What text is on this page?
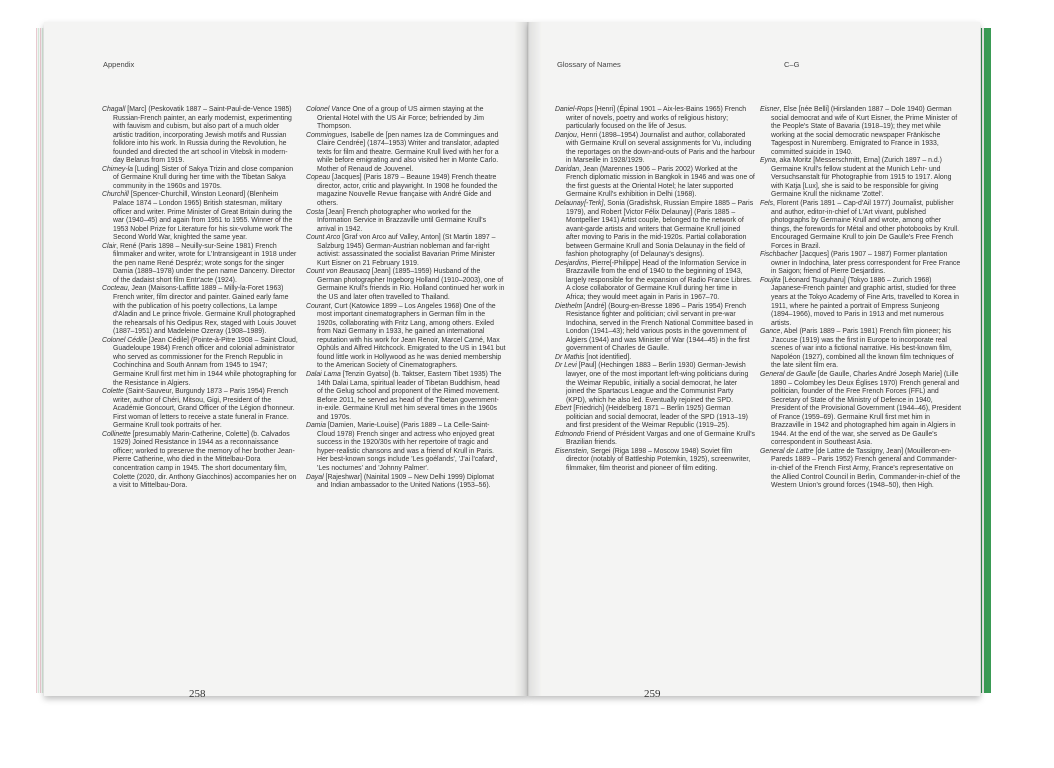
Appendix
Chagall [Marc] (Peskovatik 1887 – Saint-Paul-de-Vence 1985) Russian-French painter, an early modernist, experimenting with fauvism and cubism, but also part of a much older artistic tradition, incorporating Jewish motifs and Russian folklore into his work. In Russia during the Revolution, he founded and directed the art school in Vitebsk in modern-day Belarus from 1919.
Chimey-la [Luding] Sister of Sakya Trizin and close companion of Germaine Krull during her time with the Tibetan Sakya community in the 1960s and 1970s.
Churchill [Spencer-Churchill, Winston Leonard] (Blenheim Palace 1874 – London 1965) British statesman, military officer and writer. Prime Minister of Great Britain during the war (1940–45) and again from 1951 to 1955. Winner of the 1953 Nobel Prize for Literature for his six-volume work The Second World War, knighted the same year.
Clair, René (Paris 1898 – Neuilly-sur-Seine 1981) French filmmaker and writer, wrote for L'Intransigeant in 1918 under the pen name René Despréz; wrote songs for the singer Damia (1889–1978) under the pen name Dancerry. Director of the dadaist short film Entr'acte (1924).
Cocteau, Jean (Maisons-Laffitte 1889 – Milly-la-Foret 1963) French writer, film director and painter. Gained early fame with the publication of his poetry collections, La lampe d'Aladin and Le prince frivole. Germaine Krull photographed the rehearsals of his Oedipus Rex, staged with Louis Jouvet (1887–1951) and Madeleine Ozeray (1908–1989).
Colonel Cédile [Jean Cédile] (Pointe-à-Pitre 1908 – Saint Cloud, Guadeloupe 1984) French officer and colonial administrator who served as commissioner for the French Republic in Cochinchina and South Annam from 1945 to 1947; Germaine Krull first met him in 1944 while photographing for the Resistance in Algiers.
Colette (Saint-Sauveur, Burgundy 1873 – Paris 1954) French writer, author of Chéri, Mitsou, Gigi, President of the Académie Goncourt, Grand Officer of the Légion d'honneur. First woman of letters to receive a state funeral in France. Germaine Krull took portraits of her.
Collinette [presumably Marin-Catherine, Colette] (b. Calvados 1929) Joined Resistance in 1944 as a reconnaissance officer; worked to preserve the memory of her brother Jean-Pierre Catherine, who died in the Mittelbau-Dora concentration camp in 1945. The short documentary film, Colette (2020, dir. Anthony Giacchinos) accompanies her on a visit to Mittelbau-Dora.
Colonel Vance One of a group of US airmen staying at the Oriental Hotel with the US Air Force; befriended by Jim Thompson.
Commingues, Isabelle de [pen names Iza de Commingues and Claire Cendrée] (1874–1953) Writer and translator, adapted texts for film and theatre. Germaine Krull lived with her for a while before emigrating and also visited her in Monte Carlo. Mother of Renaud de Jouvenel.
Copeau [Jacques] (Paris 1879 – Beaune 1949) French theatre director, actor, critic and playwright. In 1908 he founded the magazine Nouvelle Revue française with André Gide and others.
Costa [Jean] French photographer who worked for the Information Service in Brazzaville until Germaine Krull's arrival in 1942.
Count Arco [Graf von Arco auf Valley, Anton] (St Martin 1897 – Salzburg 1945) German-Austrian nobleman and far-right activist: assassinated the socialist Bavarian Prime Minister Kurt Eisner on 21 February 1919.
Count von Beausacq [Jean] (1895–1959) Husband of the German photographer Ingeborg Holland (1910–2003), one of Germaine Krull's friends in Rio. Holland continued her work in the US and later often travelled to Thailand.
Courant, Curt (Katowice 1899 – Los Angeles 1968) One of the most important cinematographers in German film in the 1920s, collaborating with Fritz Lang, among others. Exiled from Nazi Germany in 1933, he gained an international reputation with his work for Jean Renoir, Marcel Carné, Max Ophüls and Alfred Hitchcock. Emigrated to the US in 1941 but found little work in Hollywood as he was denied membership to the American Society of Cinematographers.
Dalai Lama [Tenzin Gyatso] (b. Taktser, Eastern Tibet 1935) The 14th Dalai Lama, spiritual leader of Tibetan Buddhism, head of the Gelug school and proponent of the Rimed movement. Before 2011, he served as head of the Tibetan government-in-exile. Germaine Krull met him several times in the 1960s and 1970s.
Damia [Damien, Marie-Louise] (Paris 1889 – La Celle-Saint-Cloud 1978) French singer and actress who enjoyed great success in the 1920/30s with her repertoire of tragic and hyper-realistic chansons and was a friend of Krull in Paris. Her best-known songs include 'Les goélands', 'J'ai l'cafard', 'Les nocturnes' and 'Johnny Palmer'.
Dayal [Rajeshwar] (Nainital 1909 – New Delhi 1999) Diplomat and Indian ambassador to the United Nations (1953–56).
258
Glossary of Names	C–G
Daniel-Rops [Henri] (Épinal 1901 – Aix-les-Bains 1965) French writer of novels, poetry and works of religious history; particularly focused on the life of Jesus.
Danjou, Henri (1898–1954) Journalist and author, collaborated with Germaine Krull on several assignments for Vu, including the reportages on the down-and-outs of Paris and the harbour in Marseille in 1928/1929.
Daridan, Jean (Marennes 1906 – Paris 2002) Worked at the French diplomatic mission in Bangkok in 1946 and was one of the first guests at the Oriental Hotel; he later supported Germaine Krull's exhibition in Delhi (1968).
Delaunay[-Terk], Sonia (Gradishsk, Russian Empire 1885 – Paris 1979), and Robert [Victor Félix Delaunay] (Paris 1885 – Montpellier 1941) Artist couple, belonged to the network of avant-garde artists and writers that Germaine Krull joined after moving to Paris in the mid-1920s. Partial collaboration between Germaine Krull and Sonia Delaunay in the field of fashion photography (of Delaunay's designs).
Desjardins, Pierre[-Philippe] Head of the Information Service in Brazzaville from the end of 1940 to the beginning of 1943, largely responsible for the expansion of Radio France Libres. A close collaborator of Germaine Krull during her time in Africa; they would meet again in Paris in 1967–70.
Diethelm [André] (Bourg-en-Bresse 1896 – Paris 1954) French Resistance fighter and politician; civil servant in pre-war Indochina, served in the French National Committee based in London (1941–43); held various posts in the government of Algiers (1944) and was Minister of War (1944–45) in the first government of Charles de Gaulle.
Dr Mathis [not identified].
Dr Levi [Paul] (Hechingen 1883 – Berlin 1930) German-Jewish lawyer, one of the most important left-wing politicians during the Weimar Republic, initially a social democrat, he later joined the Spartacus League and the Communist Party (KPD), which he also led. Eventually rejoined the SPD.
Ebert [Friedrich] (Heidelberg 1871 – Berlin 1925) German politician and social democrat, leader of the SPD (1913–19) and first president of the Weimar Republic (1919–25).
Edmondo Friend of Président Vargas and one of Germaine Krull's Brazilian friends.
Eisenstein, Sergei (Riga 1898 – Moscow 1948) Soviet film director (notably of Battleship Potemkin, 1925), screenwriter, filmmaker, film theorist and pioneer of film editing.
Eisner, Else [née Belli] (Hirslanden 1887 – Dole 1940) German social democrat and wife of Kurt Eisner, the Prime Minister of the People's State of Bavaria (1918–19); they met while working at the social democratic newspaper Fränkische Tagespost in Nuremberg. Emigrated to France in 1933, committed suicide in 1940.
Eyna, aka Moritz [Messerschmitt, Erna] (Zurich 1897 – n.d.) Germaine Krull's fellow student at the Munich Lehr- und Versuchsanstalt für Photographie from 1915 to 1917. Along with Katja [Lux], she is said to be responsible for giving Germaine Krull the nickname 'Zottel'.
Fels, Florent (Paris 1891 – Cap-d'Ail 1977) Journalist, publisher and author, editor-in-chief of L'Art vivant, published photographs by Germaine Krull and wrote, among other things, the forewords for Métal and other photobooks by Krull. Encouraged Germaine Krull to join De Gaulle's Free French Forces in Brazil.
Fischbacher [Jacques] (Paris 1907 – 1987) Former plantation owner in Indochina, later press correspondent for Free France in Saigon; friend of Pierre Desjardins.
Foujita [Léonard Tsuguharu] (Tokyo 1886 – Zurich 1968) Japanese-French painter and graphic artist, studied for three years at the Tokyo Academy of Fine Arts, travelled to Korea in 1911, where he painted a portrait of Empress Sunjeong (1894–1966), moved to Paris in 1913 and met numerous artists.
Gance, Abel (Paris 1889 – Paris 1981) French film pioneer; his J'accuse (1919) was the first in Europe to incorporate real scenes of war into a fictional narrative. His best-known film, Napoléon (1927), combined all the known film techniques of the late silent film era.
General de Gaulle [de Gaulle, Charles André Joseph Marie] (Lille 1890 – Colombey les Deux Églises 1970) French general and politician, founder of the Free French Forces (FFL) and Secretary of State of the Ministry of Defence in 1940, President of the Provisional Government (1944–46), President of France (1959–69). Germaine Krull first met him in Brazzaville in 1942 and photographed him again in Algiers in 1944. At the end of the war, she served as De Gaulle's correspondent in Southeast Asia.
General de Lattre [de Lattre de Tassigny, Jean] (Mouilleron-en-Pareds 1889 – Paris 1952) French general and Commander-in-chief of the French First Army, France's representative on the Allied Control Council in Berlin, Commander-in-chief of the Western Union's ground forces (1948–50), then High.
259
